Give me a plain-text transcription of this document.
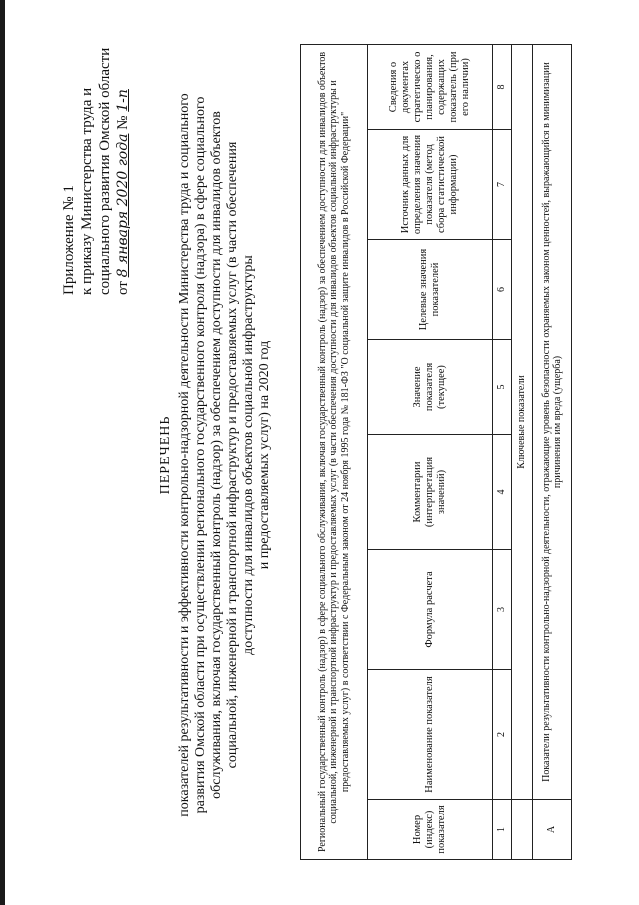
Приложение № 1 к приказу Министерства труда и социального развития Омской области от 8 января 2020 года № 1-п
ПЕРЕЧЕНЬ показателей результативности и эффективности контрольно-надзорной деятельности Министерства труда и социального развития Омской области при осуществлении регионального государственного контроля (надзора) в сфере социального обслуживания, включая государственный контроль (надзор) за обеспечением доступности для инвалидов объектов социальной, инженерной и транспортной инфраструктур и предоставляемых услуг (в части обеспечения доступности для инвалидов объектов социальной инфраструктуры и предоставляемых услуг) на 2020 год	Региональный государственный контроль (надзор) в сфере социального обслуживания, включая государственный контроль (надзор) за обеспечением доступности для инвалидов объектов социальной, инженерной и транспортной инфраструктур и предоставляемых услуг (в части обеспечения доступности для инвалидов объектов социальной инфраструктуры и предоставляемых услуг) в соответствии с Федеральным законом от 24 ноября 1995 года № 181-ФЗ "О социальной защите инвалидов в Российской Федерации"							
Номер (индекс) показателя	Наименование показателя	Формула расчета	Комментарии (интерпретация значений)	Значение показателя (текущее)	Целевые значения показателей	Источник данных для определения значения показателя (метод сбора статистической информации)	Сведения о документах стратегическо о планирования, содержащих показатель (при его наличии)
1	2	3	4	5	6	7	8
	Ключевые показатели						
А	Показатели результативности контрольно-надзорной деятельности, отражающие уровень безопасности охраняемых законом ценностей, выражающийся в минимизации причинения им вреда (ущерба)						
